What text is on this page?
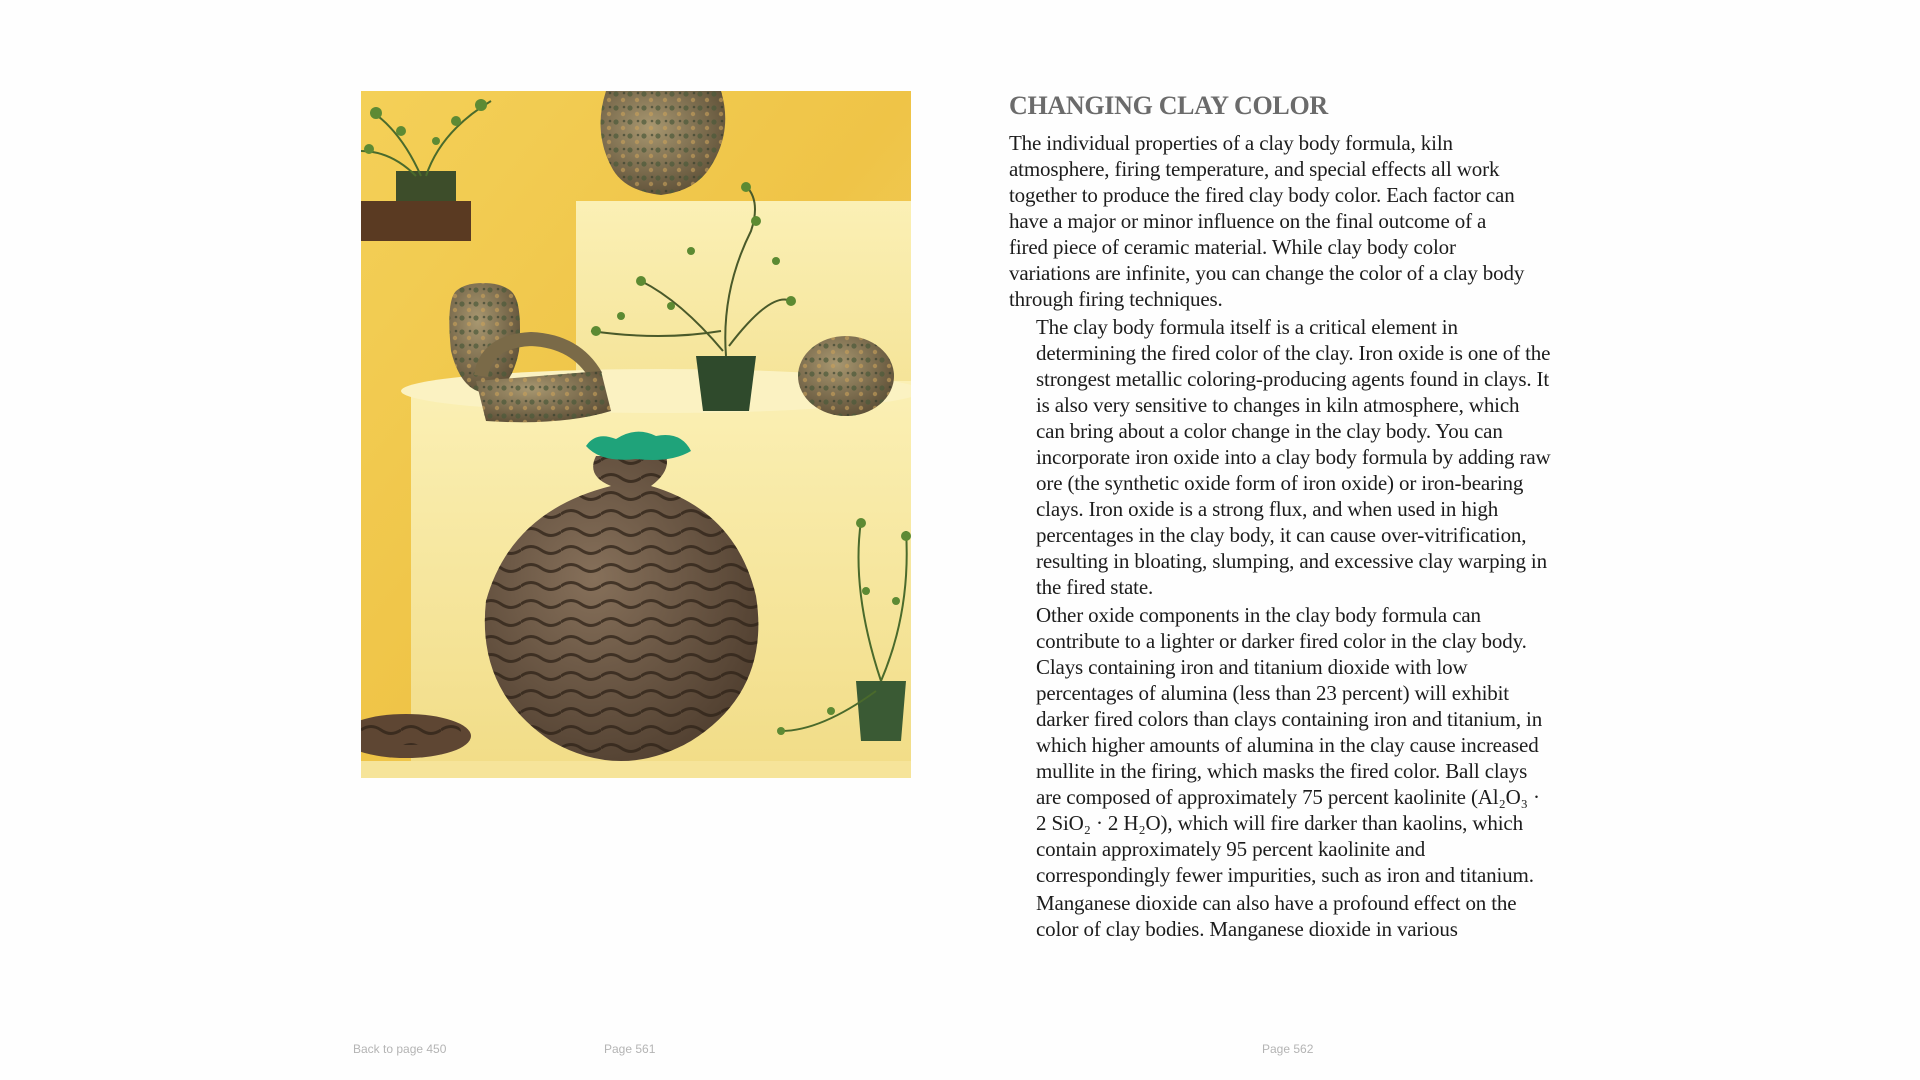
CHANGING CLAY COLOR

The individual properties of a clay body formula, kiln
atmosphere, firing temperature, and special effects all work
together to produce the fired clay body color. Each factor can
have a major or minor influence on the final outcome of a
fired piece of ceramic material. While clay body color
variations are infinite, you can change the color of a clay body
through firing techniques.

The clay body formula itself is a critical element in
determining the fired color of the clay. Iron oxide is one of the
strongest metallic coloring-producing agents found in clays. It
is also very sensitive to changes in kiln atmosphere, which
can bring about a color change in the clay body. You can
incorporate iron oxide into a clay body formula by adding raw
ore (the synthetic oxide form of iron oxide) or iron-bearing
clays. Iron oxide is a strong flux, and when used in high
percentages in the clay body, it can cause over-vitrification,
resulting in bloating, slumping, and excessive clay warping in
the fired state.

Other oxide components in the clay body formula can
contribute to a lighter or darker fired color in the clay body.
Clays containing iron and titanium dioxide with low
percentages of alumina (less than 23 percent) will exhibit
darker fired colors than clays containing iron and titanium, in
which higher amounts of alumina in the clay cause increased
mullite in the firing, which masks the fired color. Ball clays
are composed of approximately 75 percent kaolinite (Al₂O₃ ·
2 SiO₂ · 2 H₂O), which will fire darker than kaolins, which
contain approximately 95 percent kaolinite and
correspondingly fewer impurities, such as iron and titanium.

Manganese dioxide can also have a profound effect on the
color of clay bodies. Manganese dioxide in various

Back to page 450	Page 561	Page 562
